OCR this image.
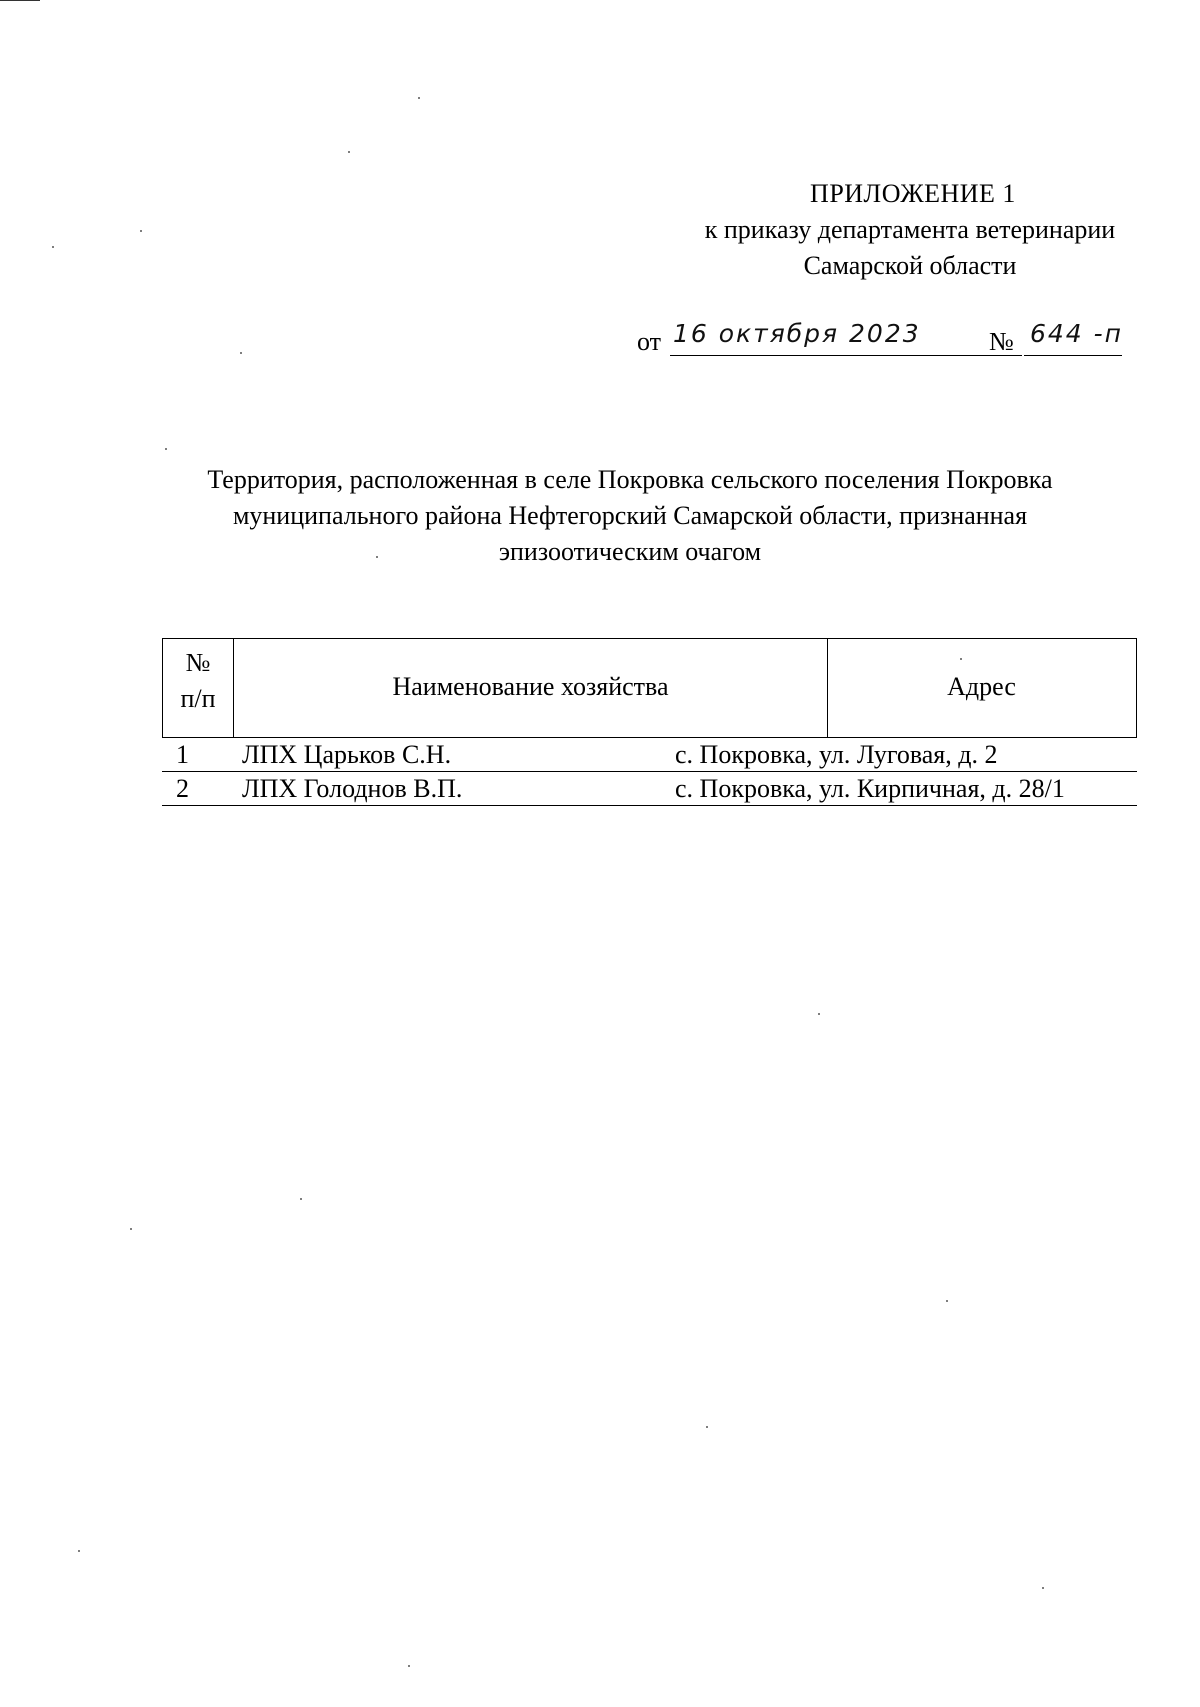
ПРИЛОЖЕНИЕ 1
к приказу департамента ветеринарии
Самарской области
от 16 октября 2023	№ 644 -п
Территория, расположенная в селе Покровка сельского поселения Покровка
муниципального района Нефтегорский Самарской области, признанная
эпизоотическим очагом
№
п/п	Наименование хозяйства	Адрес
1 ЛПХ Царьков С.Н.	с. Покровка, ул. Луговая, д. 2
2 ЛПХ Голоднов В.П.	с. Покровка, ул. Кирпичная, д. 28/1
